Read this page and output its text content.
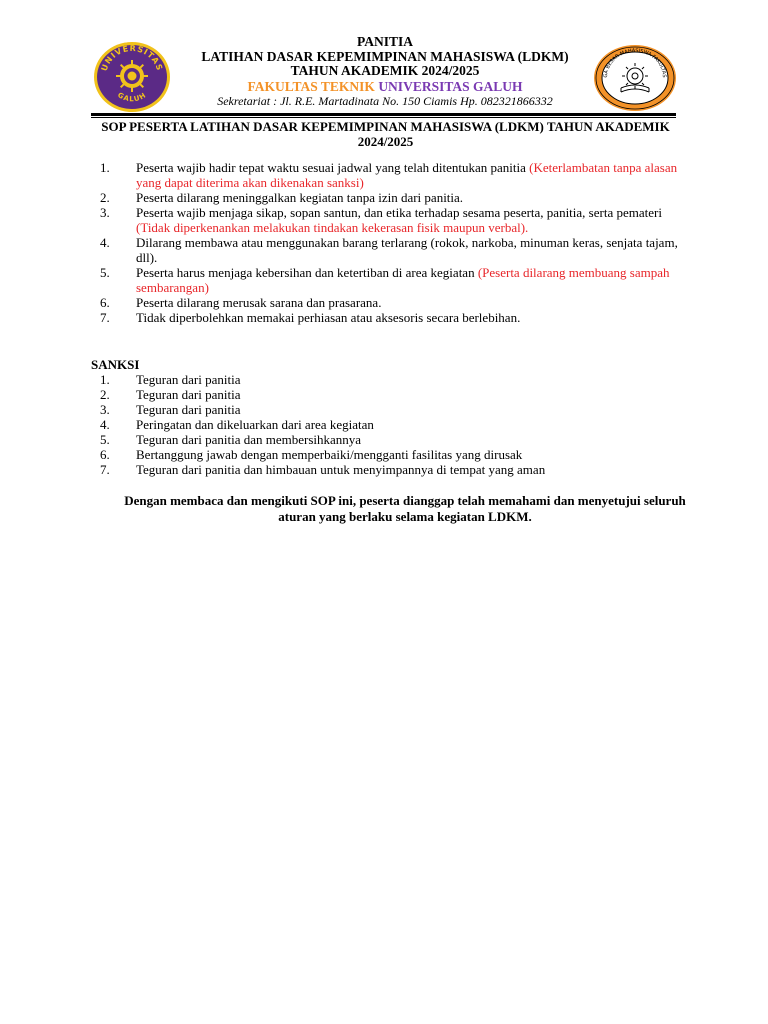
UNIVERSITAS
GALUH
PANITIA
LATIHAN DASAR KEPEMIMPINAN MAHASISWA (LDKM)
TAHUN AKADEMIK 2024/2025
FAKULTAS TEKNIK UNIVERSITAS GALUH
Sekretariat : Jl. R.E. Martadinata No. 150 Ciamis Hp. 082321866332
GA BESAR MAHASISWA FAKULTAS
SOP PESERTA LATIHAN DASAR KEPEMIMPINAN MAHASISWA (LDKM) TAHUN AKADEMIK 2024/2025
1.	Peserta wajib hadir tepat waktu sesuai jadwal yang telah ditentukan panitia (Keterlambatan tanpa alasan yang dapat diterima akan dikenakan sanksi)
2.	Peserta dilarang meninggalkan kegiatan tanpa izin dari panitia.
3.	Peserta wajib menjaga sikap, sopan santun, dan etika terhadap sesama peserta, panitia, serta pemateri (Tidak diperkenankan melakukan tindakan kekerasan fisik maupun verbal).
4.	Dilarang membawa atau menggunakan barang terlarang (rokok, narkoba, minuman keras, senjata tajam, dll).
5.	Peserta harus menjaga kebersihan dan ketertiban di area kegiatan (Peserta dilarang membuang sampah sembarangan)
6.	Peserta dilarang merusak sarana dan prasarana.
7.	Tidak diperbolehkan memakai perhiasan atau aksesoris secara berlebihan.
SANKSI
1.	Teguran dari panitia
2.	Teguran dari panitia
3.	Teguran dari panitia
4.	Peringatan dan dikeluarkan dari area kegiatan
5.	Teguran dari panitia dan membersihkannya
6.	Bertanggung jawab dengan memperbaiki/mengganti fasilitas yang dirusak
7.	Teguran dari panitia dan himbauan untuk menyimpannya di tempat yang aman
Dengan membaca dan mengikuti SOP ini, peserta dianggap telah memahami dan menyetujui seluruh aturan yang berlaku selama kegiatan LDKM.
